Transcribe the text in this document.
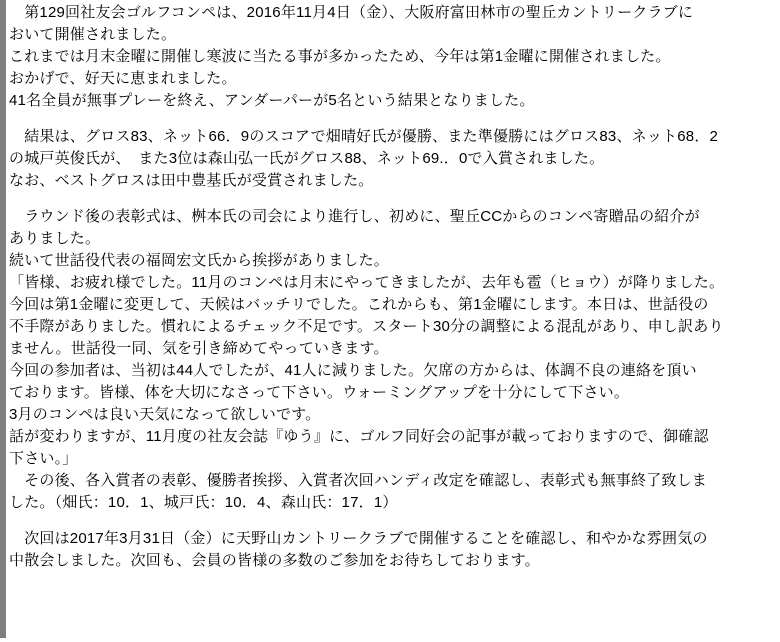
　第129回社友会ゴルフコンペは、2016年11月4日（金）、大阪府富田林市の聖丘カントリークラブに
おいて開催されました。
これまでは月末金曜に開催し寒波に当たる事が多かったため、今年は第1金曜に開催されました。
おかげで、好天に恵まれました。
41名全員が無事プレーを終え、アンダーパーが5名という結果となりました。
　結果は、グロス83、ネット66．9のスコアで畑晴好氏が優勝、また準優勝にはグロス83、ネット68．2
の城戸英俊氏が、　また3位は森山弘一氏がグロス88、ネット69.．0で入賞されました。
なお、ベストグロスは田中豊基氏が受賞されました。
　ラウンド後の表彰式は、桝本氏の司会により進行し、初めに、聖丘CCからのコンペ寄贈品の紹介が
ありました。
続いて世話役代表の福岡宏文氏から挨拶がありました。
「皆様、お疲れ様でした。11月のコンペは月末にやってきましたが、去年も雹（ヒョウ）が降りました。
今回は第1金曜に変更して、天候はバッチリでした。これからも、第1金曜にします。本日は、世話役の
不手際がありました。慣れによるチェック不足です。スタート30分の調整による混乱があり、申し訳あり
ません。世話役一同、気を引き締めてやっていきます。
今回の参加者は、当初は44人でしたが、41人に減りました。欠席の方からは、体調不良の連絡を頂い
ております。皆様、体を大切になさって下さい。ウォーミングアップを十分にして下さい。
3月のコンペは良い天気になって欲しいです。
話が変わりますが、11月度の社友会誌『ゆう』に、ゴルフ同好会の記事が載っておりますので、御確認
下さい。」
　その後、各入賞者の表彰、優勝者挨拶、入賞者次回ハンディ改定を確認し、表彰式も無事終了致しま
した。（畑氏：10．1、城戸氏：10．4、森山氏：17．1）
　次回は2017年3月31日（金）に天野山カントリークラブで開催することを確認し、和やかな雰囲気の
中散会しました。次回も、会員の皆様の多数のご参加をお待ちしております。
